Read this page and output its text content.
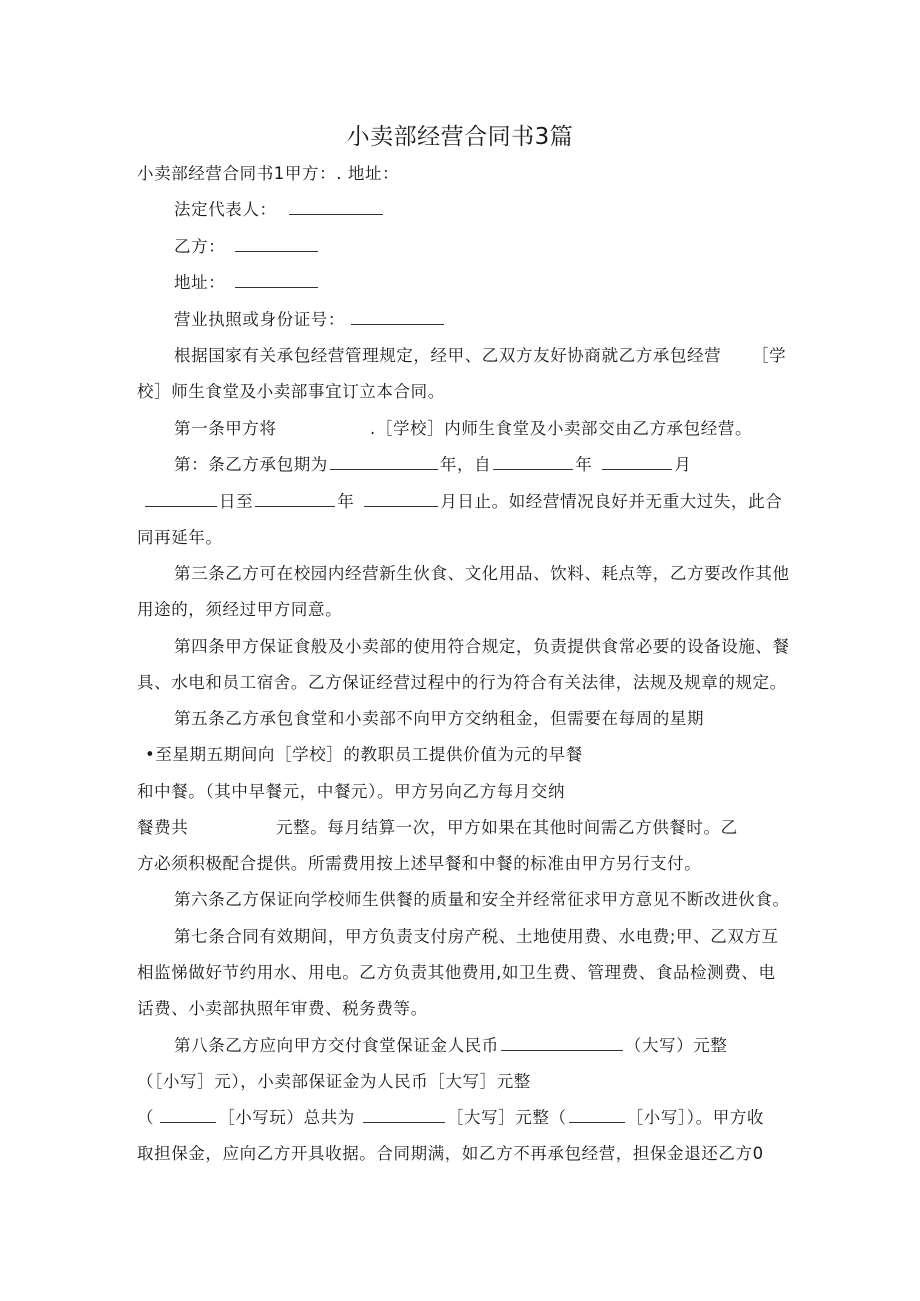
小卖部经营合同书3篇
小卖部经营合同书1甲方：. 地址：
法定代表人：
乙方：
地址：
营业执照或身份证号：
根据国家有关承包经营管理规定，经甲、乙双方友好协商就乙方承包经营 ［学
校］师生食堂及小卖部事宜订立本合同。
第一条甲方将	.［学校］内师生食堂及小卖部交由乙方承包经营。
第：条乙方承包期为	年，自	年	月
日至	年	月日止。如经营情况良好并无重大过失，此合
同再延年。
第三条乙方可在校园内经营新生伙食、文化用品、饮料、耗点等，乙方要改作其他
用途的，须经过甲方同意。
第四条甲方保证食般及小卖部的使用符合规定，负责提供食常必要的设备设施、餐
具、水电和员工宿舍。乙方保证经营过程中的行为符合有关法律，法规及规章的规定。
第五条乙方承包食堂和小卖部不向甲方交纳租金，但需要在每周的星期
•至星期五期间向［学校］的教职员工提供价值为元的早餐
和中餐。（其中早餐元，中餐元）。甲方另向乙方每月交纳
餐费共	元整。每月结算一次，甲方如果在其他时间需乙方供餐时。乙
方必须积极配合提供。所需费用按上述早餐和中餐的标准由甲方另行支付。
第六条乙方保证向学校师生供餐的质量和安全并经常征求甲方意见不断改进伙食。
第七条合同有效期间，甲方负责支付房产税、土地使用费、水电费;甲、乙双方互
相监悌做好节约用水、用电。乙方负责其他费用,如卫生费、管理费、食品检测费、电
话费、小卖部执照年审费、税务费等。
第八条乙方应向甲方交付食堂保证金人民币	（大写）元整
（［小写］元），小卖部保证金为人民币［大写］元整
（	［小写玩）总共为	［大写］元整（	［小写］）。甲方收
取担保金，应向乙方开具收据。合同期满，如乙方不再承包经营，担保金退还乙方0
